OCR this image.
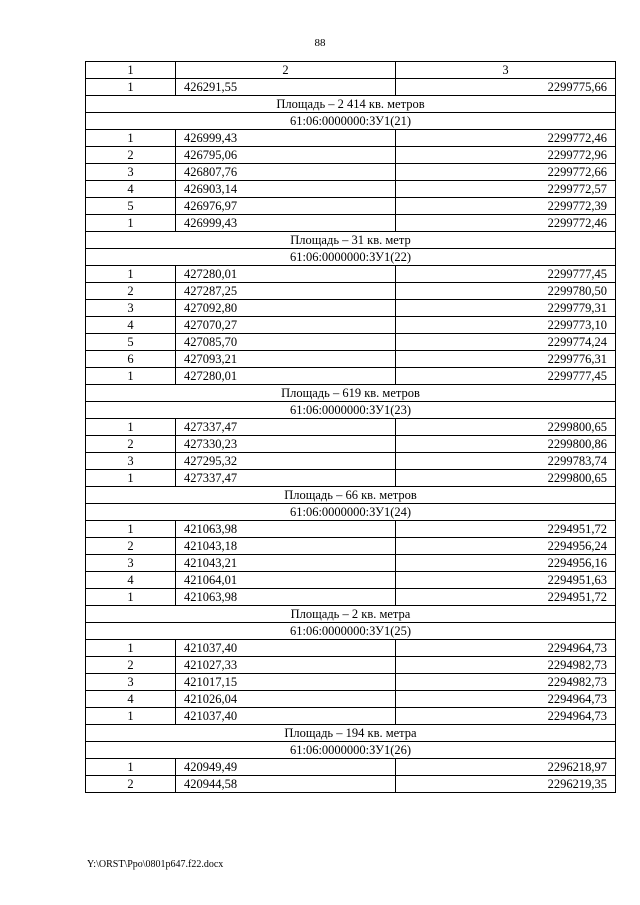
88
1	2	3
1	426291,55	2299775,66
Площадь – 2 414 кв. метров		
61:06:0000000:ЗУ1(21)		
1	426999,43	2299772,46
2	426795,06	2299772,96
3	426807,76	2299772,66
4	426903,14	2299772,57
5	426976,97	2299772,39
1	426999,43	2299772,46
Площадь – 31 кв. метр		
61:06:0000000:ЗУ1(22)		
1	427280,01	2299777,45
2	427287,25	2299780,50
3	427092,80	2299779,31
4	427070,27	2299773,10
5	427085,70	2299774,24
6	427093,21	2299776,31
1	427280,01	2299777,45
Площадь – 619 кв. метров		
61:06:0000000:ЗУ1(23)		
1	427337,47	2299800,65
2	427330,23	2299800,86
3	427295,32	2299783,74
1	427337,47	2299800,65
Площадь – 66 кв. метров		
61:06:0000000:ЗУ1(24)		
1	421063,98	2294951,72
2	421043,18	2294956,24
3	421043,21	2294956,16
4	421064,01	2294951,63
1	421063,98	2294951,72
Площадь – 2 кв. метра		
61:06:0000000:ЗУ1(25)		
1	421037,40	2294964,73
2	421027,33	2294982,73
3	421017,15	2294982,73
4	421026,04	2294964,73
1	421037,40	2294964,73
Площадь – 194 кв. метра		
61:06:0000000:ЗУ1(26)		
1	420949,49	2296218,97
2	420944,58	2296219,35
Y:\ORST\Ppo\0801p647.f22.docx
